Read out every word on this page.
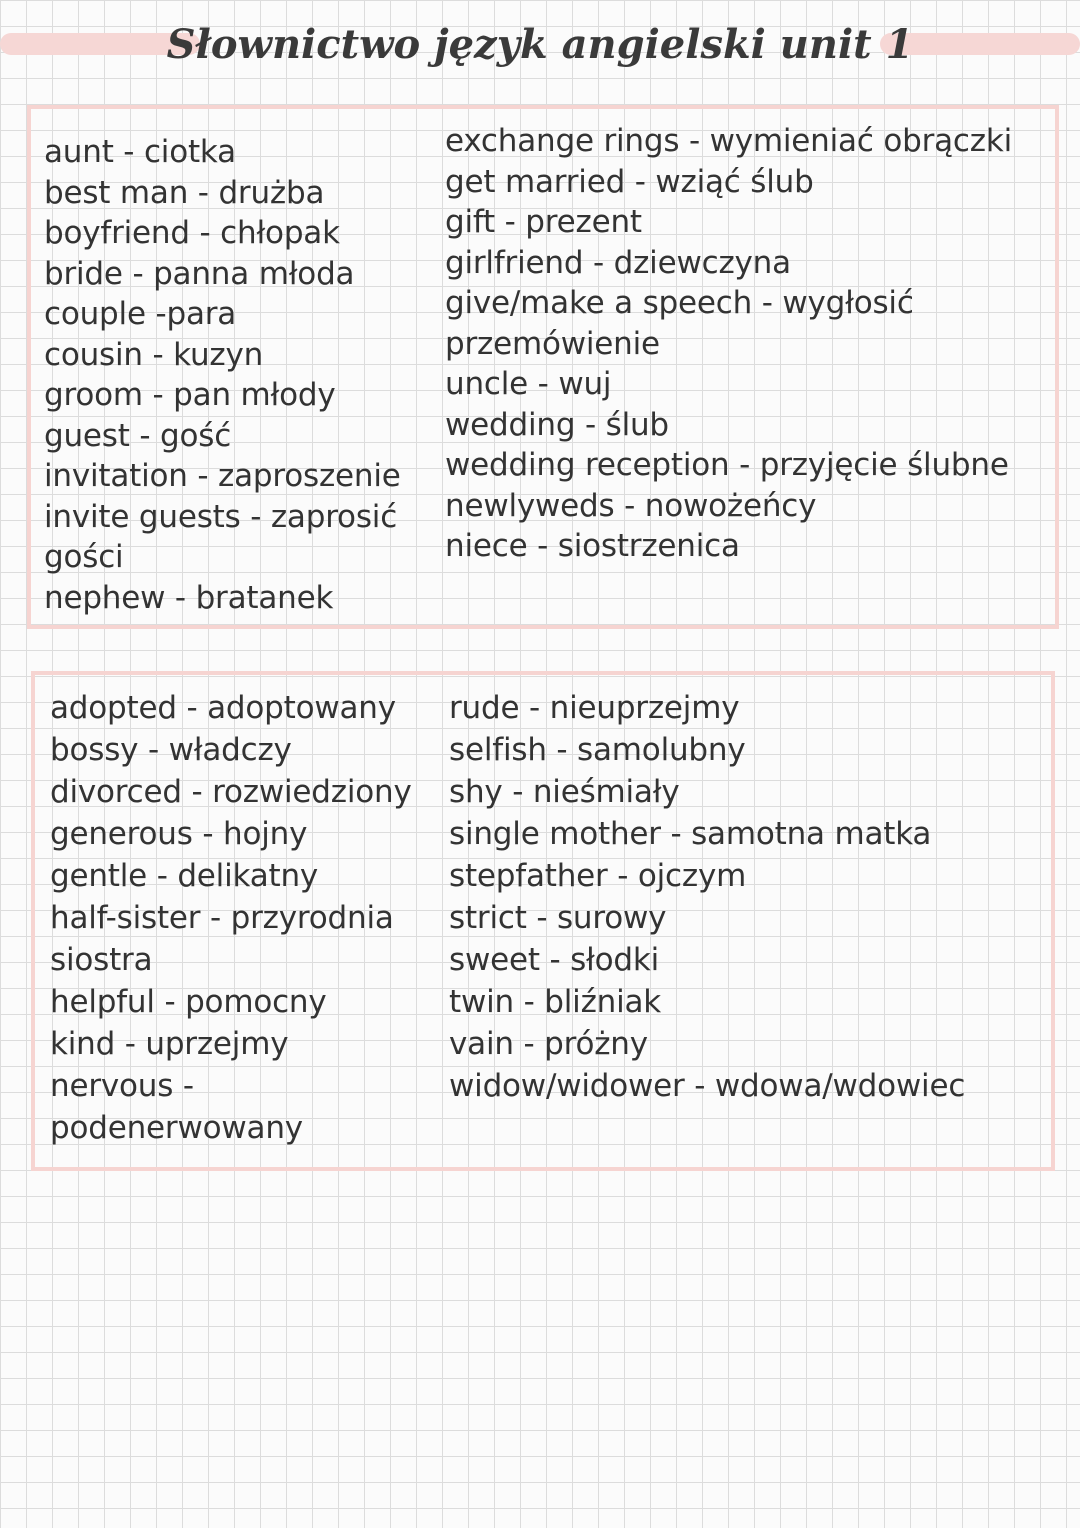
Słownictwo język angielski unit 1
aunt - ciotka
best man - drużba
boyfriend - chłopak
bride - panna młoda
couple -para
cousin - kuzyn
groom - pan młody
guest - gość
invitation - zaproszenie
invite guests - zaprosić
gości
nephew - bratanek
exchange rings - wymieniać obrączki
get married - wziąć ślub
gift - prezent
girlfriend - dziewczyna
give/make a speech - wygłosić
przemówienie
uncle - wuj
wedding - ślub
wedding reception - przyjęcie ślubne
newlyweds - nowożeńcy
niece - siostrzenica
adopted - adoptowany
bossy - władczy
divorced - rozwiedziony
generous - hojny
gentle - delikatny
half-sister - przyrodnia
siostra
helpful - pomocny
kind - uprzejmy
nervous -
podenerwowany
rude - nieuprzejmy
selfish - samolubny
shy - nieśmiały
single mother - samotna matka
stepfather - ojczym
strict - surowy
sweet - słodki
twin - bliźniak
vain - próżny
widow/widower - wdowa/wdowiec
